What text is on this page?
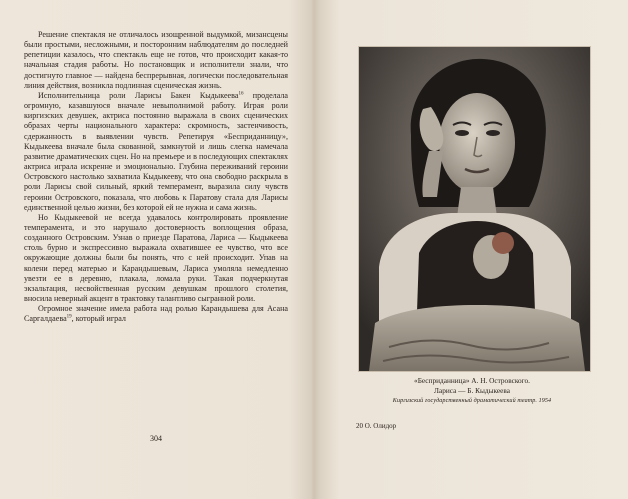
Решение спектакля не отличалось изощренной выдумкой, мизансцены были простыми, несложными, и посторонним наблюдателям до последней репетиции казалось, что спектакль еще не готов, что происходит какая-то начальная стадия работы. Но постановщик и исполнители знали, что достигнуто главное — найдена беспрерывная, логически последовательная линия действия, возникла подлинная сценическая жизнь.

Исполнительница роли Ларисы Бакен Кыдыкеева$^{16}$ проделала огромную, казавшуюся вначале невыполнимой работу. Играя роли киргизских девушек, актриса постоянно выражала в своих сценических образах черты национального характера: скромность, застенчивость, сдержанность в выявлении чувств. Репетируя «Бесприданницу», Кыдыкеева вначале была скованной, замкнутой и лишь слегка намечала развитие драматических сцен. Но на премьере и в последующих спектаклях актриса играла искренне и эмоционально. Глубина переживаний героини Островского настолько захватила Кыдыкееву, что она свободно раскрыла в роли Ларисы свой сильный, яркий темперамент, выразила силу чувств героини Островского, показала, что любовь к Паратову стала для Ларисы единственной целью жизни, без которой ей не нужна и сама жизнь.

Но Кыдыкеевой не всегда удавалось контролировать проявление темперамента, и это нарушало достоверность воплощения образа, созданного Островским. Узнав о приезде Паратова, Лариса — Кыдыкеева столь бурно и экспрессивно выражала охватившее ее чувство, что все окружающие должны были бы понять, что с ней происходит. Упав на колени перед матерью и Карандышевым, Лариса умоляла немедленно увезти ее в деревню, плакала, ломала руки. Такая подчеркнутая экзальтация, несвойственная русским девушкам прошлого столетия, вносила неверный акцент в трактовку талантливо сыгранной роли.

Огромное значение имела работа над ролью Карандышева для Асана Саргалдаева$^{19}$, который играл

304
«Бесприданница» А. Н. Островского.
Лариса — Б. Кыдыкеева
Киргизский государственный драматический театр. 1954
20 О. Олидор
